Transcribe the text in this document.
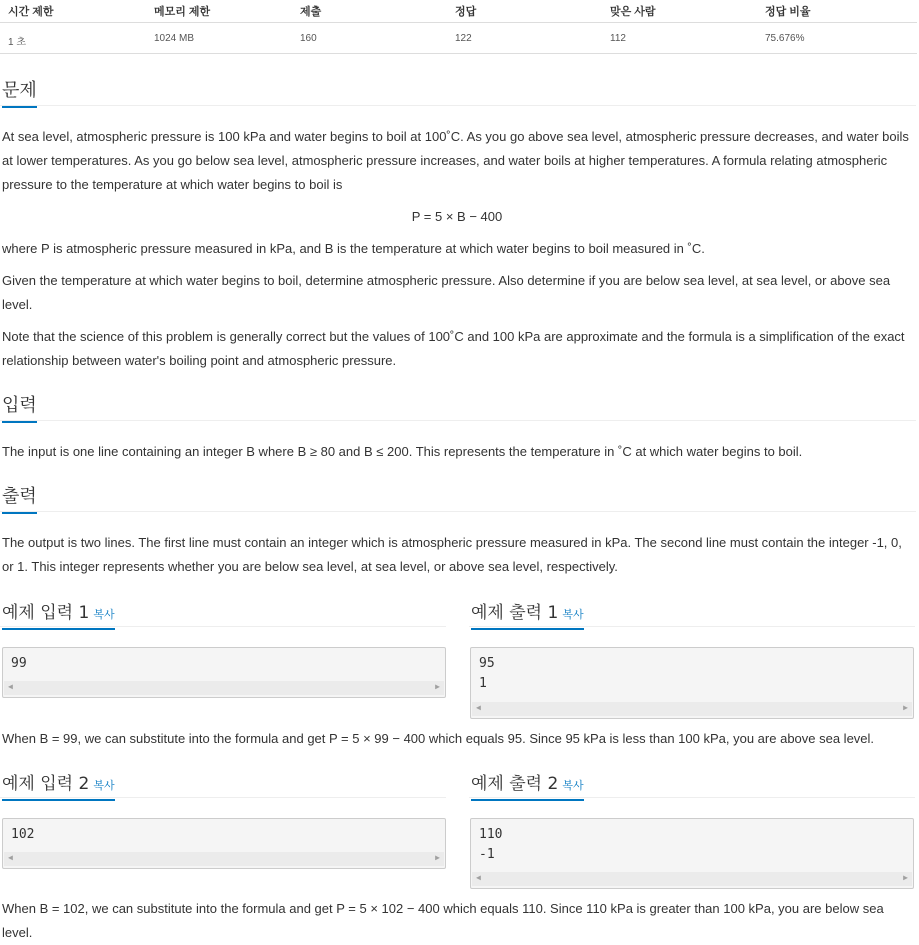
시간 제한	메모리 제한	제출	정답	맞은 사람	정답 비율
1 초	1024 MB	160	122	112	75.676%
문제
At sea level, atmospheric pressure is 100 kPa and water begins to boil at 100˚C. As you go above sea level, atmospheric pressure decreases, and water boils at lower temperatures. As you go below sea level, atmospheric pressure increases, and water boils at higher temperatures. A formula relating atmospheric pressure to the temperature at which water begins to boil is
P = 5 × B − 400
where P is atmospheric pressure measured in kPa, and B is the temperature at which water begins to boil measured in ˚C.
Given the temperature at which water begins to boil, determine atmospheric pressure. Also determine if you are below sea level, at sea level, or above sea level.
Note that the science of this problem is generally correct but the values of 100˚C and 100 kPa are approximate and the formula is a simplification of the exact relationship between water's boiling point and atmospheric pressure.
입력
The input is one line containing an integer B where B ≥ 80 and B ≤ 200. This represents the temperature in ˚C at which water begins to boil.
출력
The output is two lines. The first line must contain an integer which is atmospheric pressure measured in kPa. The second line must contain the integer -1, 0, or 1. This integer represents whether you are below sea level, at sea level, or above sea level, respectively.
예제 입력 1 복사	예제 출력 1 복사
99
◀	▶
95
1
◀	▶
When B = 99, we can substitute into the formula and get P = 5 × 99 − 400 which equals 95. Since 95 kPa is less than 100 kPa, you are above sea level.
예제 입력 2 복사	예제 출력 2 복사
102
◀	▶
110
-1
◀	▶
When B = 102, we can substitute into the formula and get P = 5 × 102 − 400 which equals 110. Since 110 kPa is greater than 100 kPa, you are below sea level.
